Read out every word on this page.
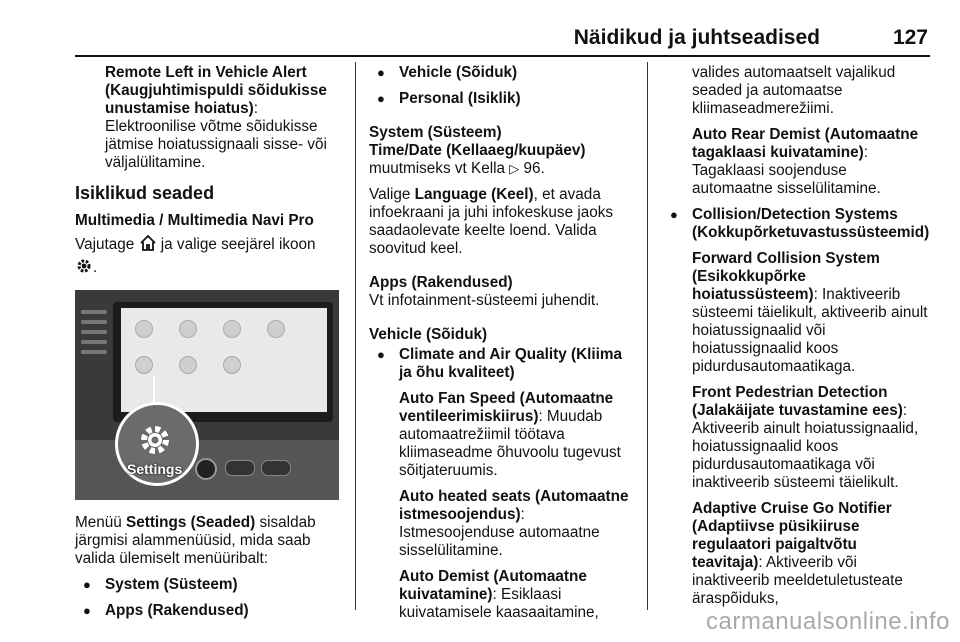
Näidikud ja juhtseadised	127

Remote Left in Vehicle Alert (Kaugjuhtimispuldi sõidukisse unustamise hoiatus):
Elektroonilise võtme sõidukisse jätmise hoiatussignaali sisse- või väljalülitamine.

Isiklikud seaded

Multimedia / Multimedia Navi Pro

Vajutage ja valige seejärel ikoon
.

Settings

Menüü Settings (Seaded) sisaldab järgmisi alammenüüsid, mida saab valida ülemiselt menüüribalt:

● System (Süsteem)

● Apps (Rakendused)

● Vehicle (Sõiduk)

● Personal (Isiklik)

System (Süsteem)

Time/Date (Kellaaeg/kuupäev)
muutmiseks vt Kella ▷ 96.

Valige Language (Keel), et avada infoekraani ja juhi infokeskuse jaoks saadaolevate keelte loend. Valida soovitud keel.

Apps (Rakendused)
Vt infotainment-süsteemi juhendit.

Vehicle (Sõiduk)

● Climate and Air Quality (Kliima ja õhu kvaliteet)

Auto Fan Speed (Automaatne ventileerimiskiirus): Muudab automaatrežiimil töötava kliimaseadme õhuvoolu tugevust sõitjateruumis.

Auto heated seats (Automaatne istmesoojendus): Istmesoojenduse automaatne sisselülitamine.

Auto Demist (Automaatne kuivatamine): Esiklaasi kuivatamisele kaasaaitamine,

valides automaatselt vajalikud seaded ja automaatse kliimaseadmerežiimi.

Auto Rear Demist (Automaatne tagaklaasi kuivatamine): Tagaklaasi soojenduse automaatne sisselülitamine.

● Collision/Detection Systems (Kokkupõrketuvastussüsteemid)

Forward Collision System (Esikokkupõrke hoiatussüsteem): Inaktiveerib süsteemi täielikult, aktiveerib ainult hoiatussignaalid või hoiatussignaalid koos pidurdusautomaatikaga.

Front Pedestrian Detection (Jalakäijate tuvastamine ees): Aktiveerib ainult hoiatussignaalid, hoiatussignaalid koos pidurdusautomaatikaga või inaktiveerib süsteemi täielikult.

Adaptive Cruise Go Notifier (Adaptiivse püsikiiruse regulaatori paigaltvõtu teavitaja): Aktiveerib või inaktiveerib meeldetuletusteate äraspõiduks,

carmanualsonline.info
